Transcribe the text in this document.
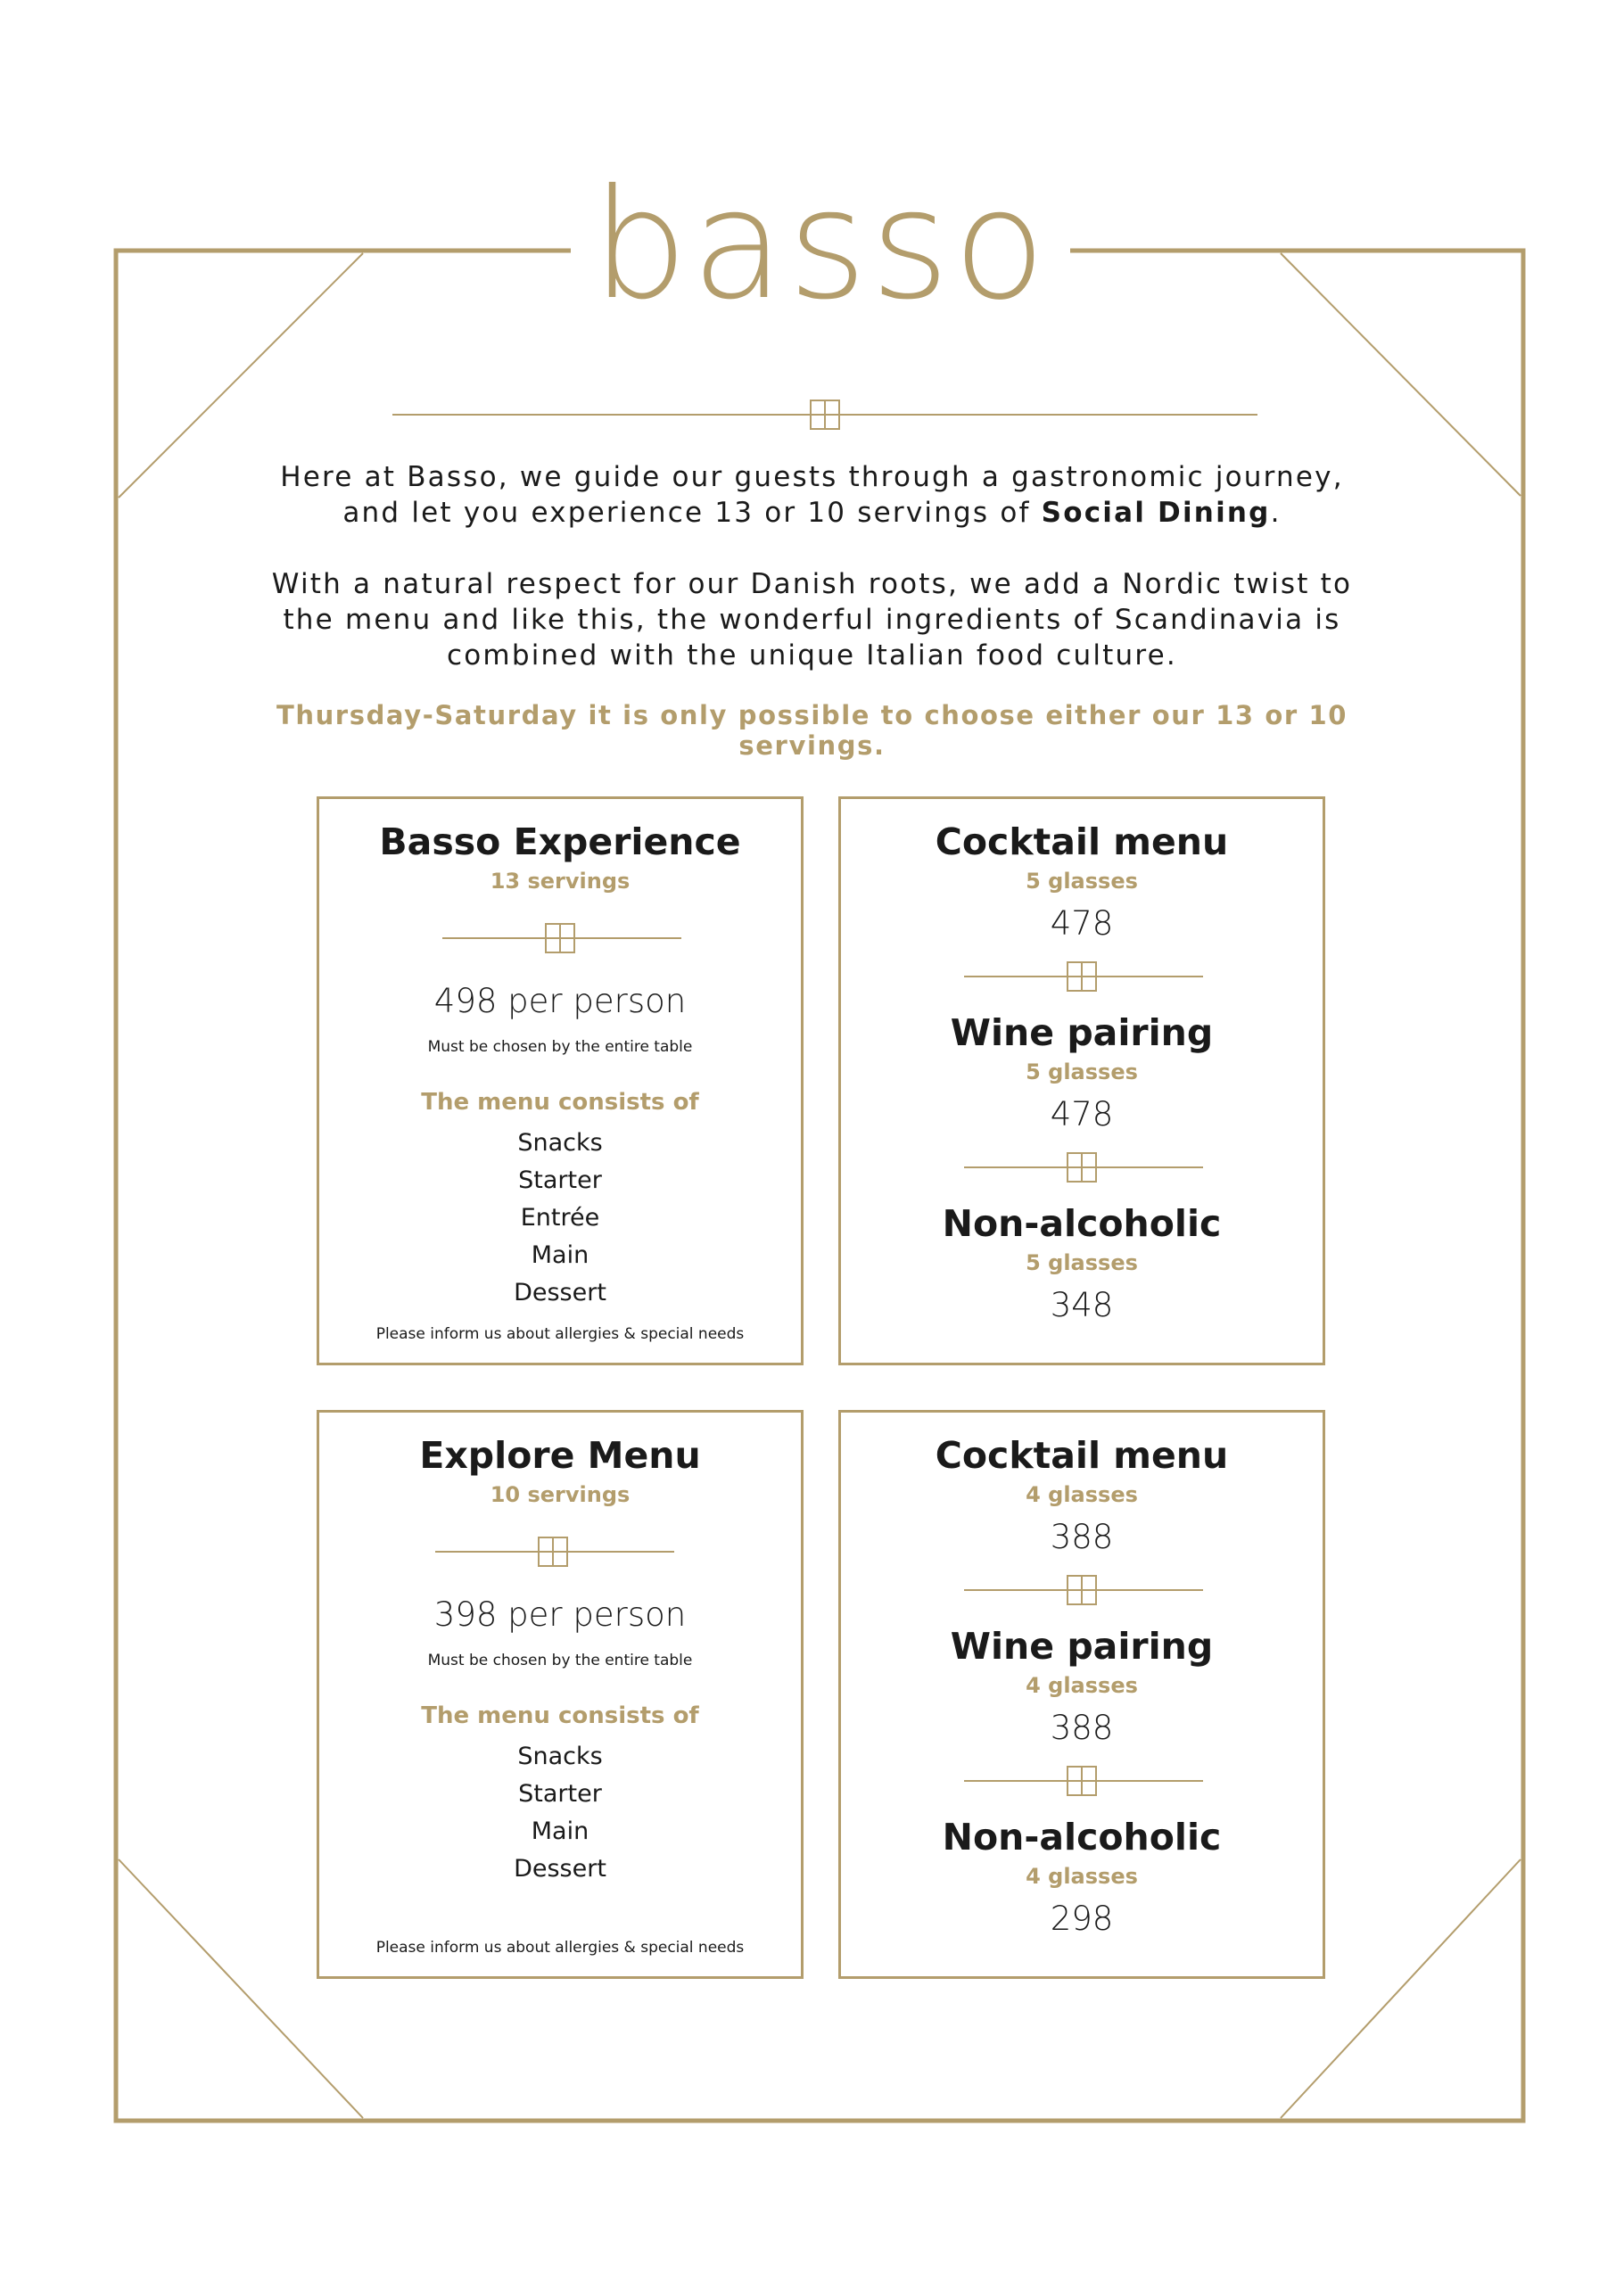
basso
Here at Basso, we guide our guests through a gastronomic journey, and let you experience 13 or 10 servings of Social Dining.
With a natural respect for our Danish roots, we add a Nordic twist to the menu and like this, the wonderful ingredients of Scandinavia is combined with the unique Italian food culture.
Thursday-Saturday it is only possible to choose either our 13 or 10 servings.
Basso Experience
13 servings
498 per person
Must be chosen by the entire table
The menu consists of
Snacks
Starter
Entrée
Main
Dessert
Please inform us about allergies & special needs
Cocktail menu
5 glasses
478
Wine pairing
5 glasses
478
Non-alcoholic
5 glasses
348
Explore Menu
10 servings
398 per person
Must be chosen by the entire table
The menu consists of
Snacks
Starter
Main
Dessert
Please inform us about allergies & special needs
Cocktail menu
4 glasses
388
Wine pairing
4 glasses
388
Non-alcoholic
4 glasses
298
